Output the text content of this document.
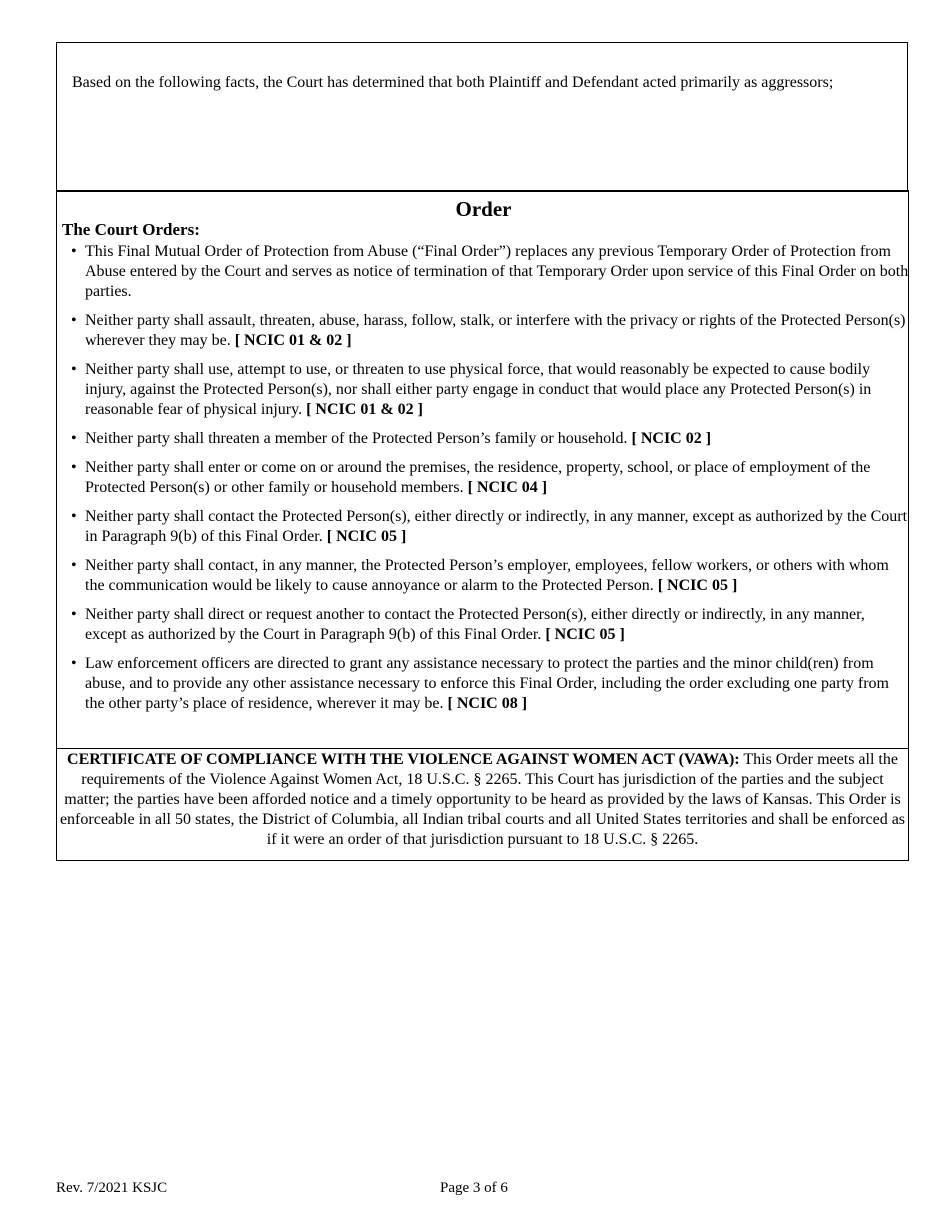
Based on the following facts, the Court has determined that both Plaintiff and Defendant acted primarily as aggressors;
Order
The Court Orders:
• This Final Mutual Order of Protection from Abuse (“Final Order”) replaces any previous Temporary Order of Protection from Abuse entered by the Court and serves as notice of termination of that Temporary Order upon service of this Final Order on both parties.
• Neither party shall assault, threaten, abuse, harass, follow, stalk, or interfere with the privacy or rights of the Protected Person(s) wherever they may be. [ NCIC 01 & 02 ]
• Neither party shall use, attempt to use, or threaten to use physical force, that would reasonably be expected to cause bodily injury, against the Protected Person(s), nor shall either party engage in conduct that would place any Protected Person(s) in reasonable fear of physical injury. [ NCIC 01 & 02 ]
• Neither party shall threaten a member of the Protected Person’s family or household. [ NCIC 02 ]
• Neither party shall enter or come on or around the premises, the residence, property, school, or place of employment of the Protected Person(s) or other family or household members. [ NCIC 04 ]
• Neither party shall contact the Protected Person(s), either directly or indirectly, in any manner, except as authorized by the Court in Paragraph 9(b) of this Final Order. [ NCIC 05 ]
• Neither party shall contact, in any manner, the Protected Person’s employer, employees, fellow workers, or others with whom the communication would be likely to cause annoyance or alarm to the Protected Person. [ NCIC 05 ]
• Neither party shall direct or request another to contact the Protected Person(s), either directly or indirectly, in any manner, except as authorized by the Court in Paragraph 9(b) of this Final Order. [ NCIC 05 ]
• Law enforcement officers are directed to grant any assistance necessary to protect the parties and the minor child(ren) from abuse, and to provide any other assistance necessary to enforce this Final Order, including the order excluding one party from the other party’s place of residence, wherever it may be. [ NCIC 08 ]
CERTIFICATE OF COMPLIANCE WITH THE VIOLENCE AGAINST WOMEN ACT (VAWA): This Order meets all the requirements of the Violence Against Women Act, 18 U.S.C. § 2265. This Court has jurisdiction of the parties and the subject matter; the parties have been afforded notice and a timely opportunity to be heard as provided by the laws of Kansas. This Order is enforceable in all 50 states, the District of Columbia, all Indian tribal courts and all United States territories and shall be enforced as if it were an order of that jurisdiction pursuant to 18 U.S.C. § 2265.
Rev. 7/2021 KSJC	Page 3 of 6
